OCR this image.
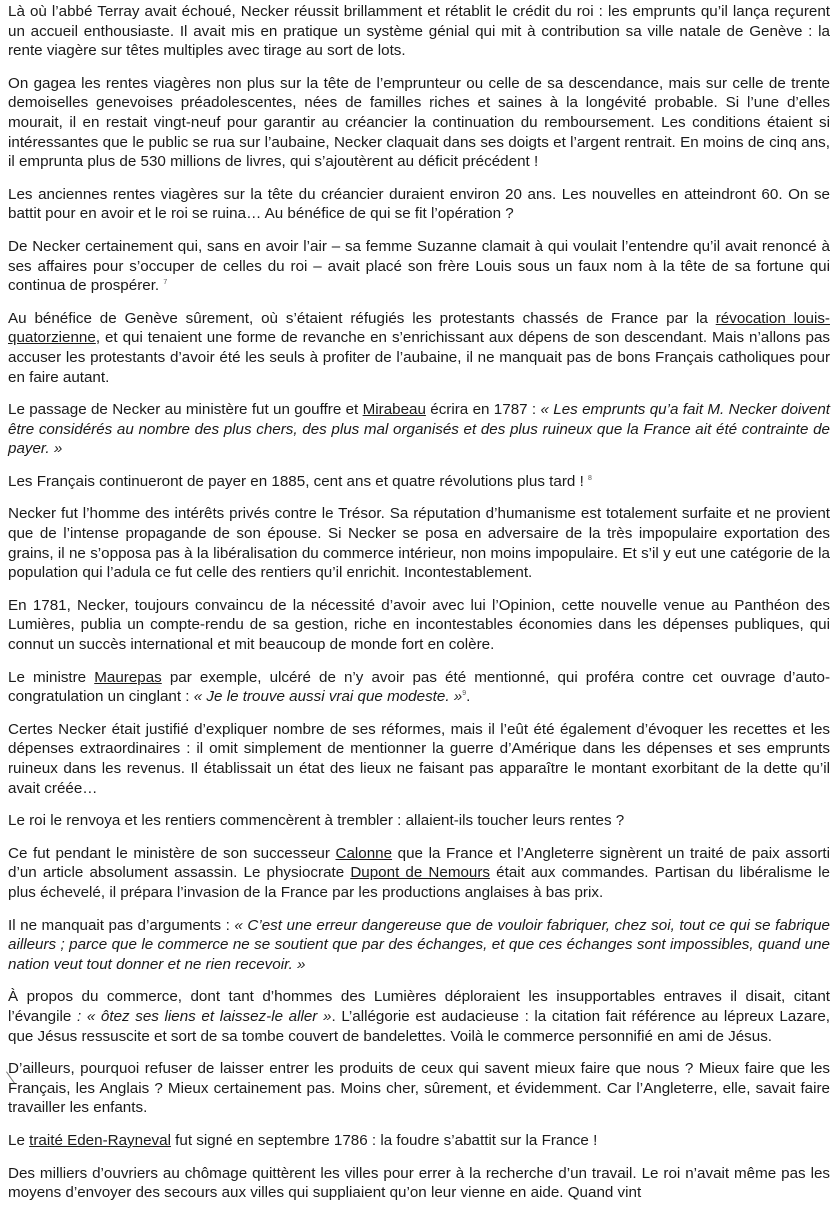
Là où l’abbé Terray avait échoué, Necker réussit brillamment et rétablit le crédit du roi : les emprunts qu’il lança reçurent un accueil enthousiaste. Il avait mis en pratique un système génial qui mit à contribution sa ville natale de Genève : la rente viagère sur têtes multiples avec tirage au sort de lots.

On gagea les rentes viagères non plus sur la tête de l’emprunteur ou celle de sa descendance, mais sur celle de trente demoiselles genevoises préadolescentes, nées de familles riches et saines à la longévité probable. Si l’une d’elles mourait, il en restait vingt-neuf pour garantir au créancier la continuation du remboursement. Les conditions étaient si intéressantes que le public se rua sur l’aubaine, Necker claquait dans ses doigts et l’argent rentrait. En moins de cinq ans, il emprunta plus de 530 millions de livres, qui s’ajoutèrent au déficit précédent !

Les anciennes rentes viagères sur la tête du créancier duraient environ 20 ans. Les nouvelles en atteindront 60. On se battit pour en avoir et le roi se ruina… Au bénéfice de qui se fit l’opération ?

De Necker certainement qui, sans en avoir l’air – sa femme Suzanne clamait à qui voulait l’entendre qu’il avait renoncé à ses affaires pour s’occuper de celles du roi – avait placé son frère Louis sous un faux nom à la tête de sa fortune qui continua de prospérer. $^7$

Au bénéfice de Genève sûrement, où s’étaient réfugiés les protestants chassés de France par la révocation louis-quatorzienne, et qui tenaient une forme de revanche en s’enrichissant aux dépens de son descendant. Mais n’allons pas accuser les protestants d’avoir été les seuls à profiter de l’aubaine, il ne manquait pas de bons Français catholiques pour en faire autant.

Le passage de Necker au ministère fut un gouffre et Mirabeau écrira en 1787 : « Les emprunts qu’a fait M. Necker doivent être considérés au nombre des plus chers, des plus mal organisés et des plus ruineux que la France ait été contrainte de payer. »

Les Français continueront de payer en 1885, cent ans et quatre révolutions plus tard ! $^8$

Necker fut l’homme des intérêts privés contre le Trésor. Sa réputation d’humanisme est totalement surfaite et ne provient que de l’intense propagande de son épouse. Si Necker se posa en adversaire de la très impopulaire exportation des grains, il ne s’opposa pas à la libéralisation du commerce intérieur, non moins impopulaire. Et s’il y eut une catégorie de la population qui l’adula ce fut celle des rentiers qu’il enrichit. Incontestablement.

En 1781, Necker, toujours convaincu de la nécessité d’avoir avec lui l’Opinion, cette nouvelle venue au Panthéon des Lumières, publia un compte-rendu de sa gestion, riche en incontestables économies dans les dépenses publiques, qui connut un succès international et mit beaucoup de monde fort en colère.

Le ministre Maurepas par exemple, ulcéré de n’y avoir pas été mentionné, qui proféra contre cet ouvrage d’auto-congratulation un cinglant : « Je le trouve aussi vrai que modeste. »$^9$.

Certes Necker était justifié d’expliquer nombre de ses réformes, mais il l’eût été également d’évoquer les recettes et les dépenses extraordinaires : il omit simplement de mentionner la guerre d’Amérique dans les dépenses et ses emprunts ruineux dans les revenus. Il établissait un état des lieux ne faisant pas apparaître le montant exorbitant de la dette qu’il avait créée…

Le roi le renvoya et les rentiers commencèrent à trembler : allaient-ils toucher leurs rentes ?

Ce fut pendant le ministère de son successeur Calonne que la France et l’Angleterre signèrent un traité de paix assorti d’un article absolument assassin. Le physiocrate Dupont de Nemours était aux commandes. Partisan du libéralisme le plus échevelé, il prépara l’invasion de la France par les productions anglaises à bas prix.

Il ne manquait pas d’arguments : « C’est une erreur dangereuse que de vouloir fabriquer, chez soi, tout ce qui se fabrique ailleurs ; parce que le commerce ne se soutient que par des échanges, et que ces échanges sont impossibles, quand une nation veut tout donner et ne rien recevoir. »

À propos du commerce, dont tant d’hommes des Lumières déploraient les insupportables entraves il disait, citant l’évangile : « ôtez ses liens et laissez-le aller ». L’allégorie est audacieuse : la citation fait référence au lépreux Lazare, que Jésus ressuscite et sort de sa tombe couvert de bandelettes. Voilà le commerce personnifié en ami de Jésus.

D’ailleurs, pourquoi refuser de laisser entrer les produits de ceux qui savent mieux faire que nous ? Mieux faire que les Français, les Anglais ? Mieux certainement pas. Moins cher, sûrement, et évidemment. Car l’Angleterre, elle, savait faire travailler les enfants.

Le traité Eden-Rayneval fut signé en septembre 1786 : la foudre s’abattit sur la France !

Des milliers d’ouvriers au chômage quittèrent les villes pour errer à la recherche d’un travail. Le roi n’avait même pas les moyens d’envoyer des secours aux villes qui suppliaient qu’on leur vienne en aide. Quand vint
